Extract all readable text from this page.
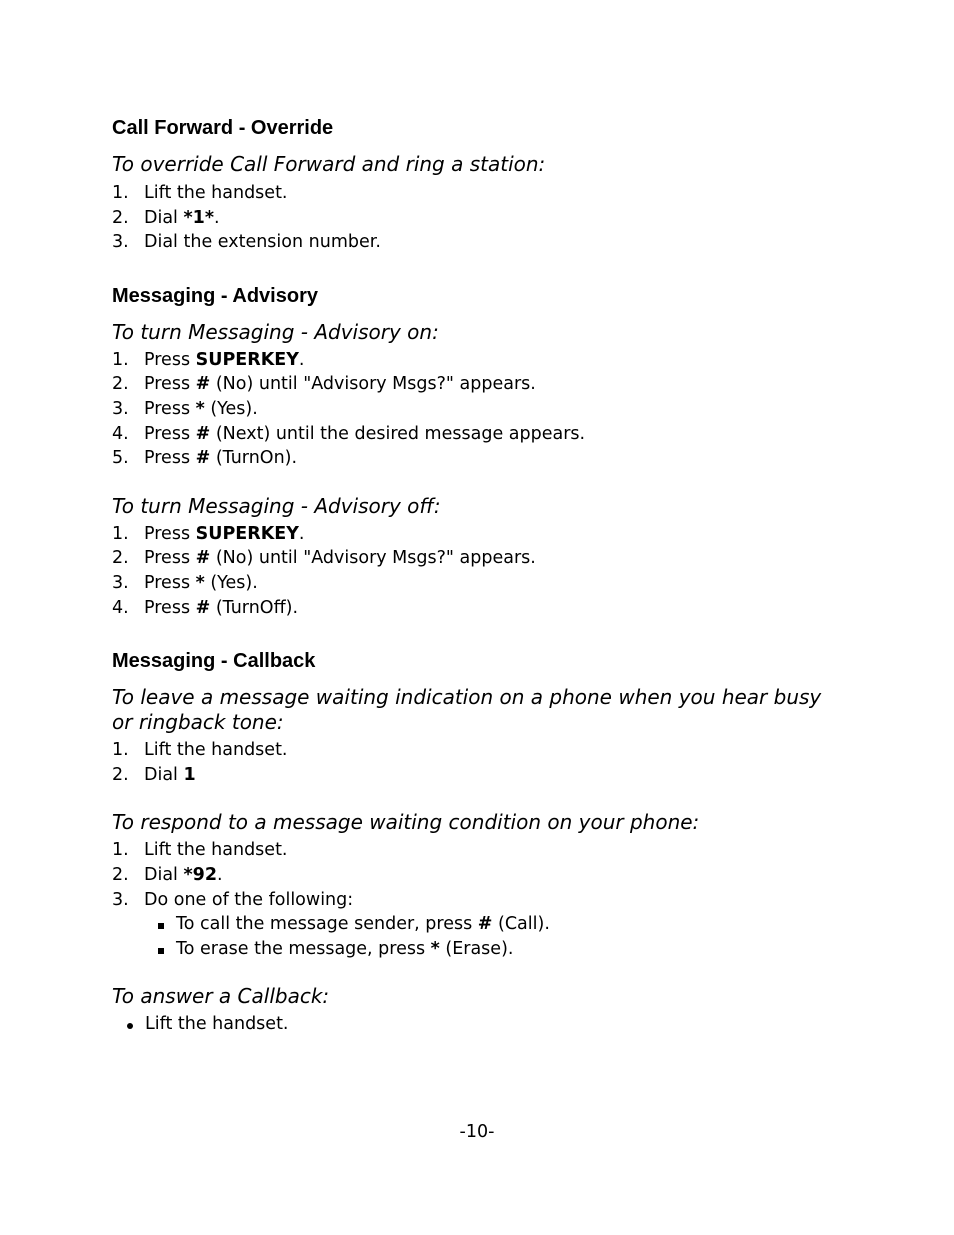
Call Forward - Override

To override Call Forward and ring a station:

1. Lift the handset.
2. Dial *1*.
3. Dial the extension number.
Messaging - Advisory

To turn Messaging - Advisory on:

1. Press SUPERKEY.
2. Press # (No) until "Advisory Msgs?" appears.
3. Press * (Yes).
4. Press # (Next) until the desired message appears.
5. Press # (TurnOn).

To turn Messaging - Advisory off:

1. Press SUPERKEY.
2. Press # (No) until "Advisory Msgs?" appears.
3. Press * (Yes).
4. Press # (TurnOff).
Messaging - Callback

To leave a message waiting indication on a phone when you hear busy
or ringback tone:

1. Lift the handset.
2. Dial 1

To respond to a message waiting condition on your phone:

1. Lift the handset.
2. Dial *92.
3. Do one of the following:
To call the message sender, press # (Call).
To erase the message, press * (Erase).

To answer a Callback:

Lift the handset.
-10-
